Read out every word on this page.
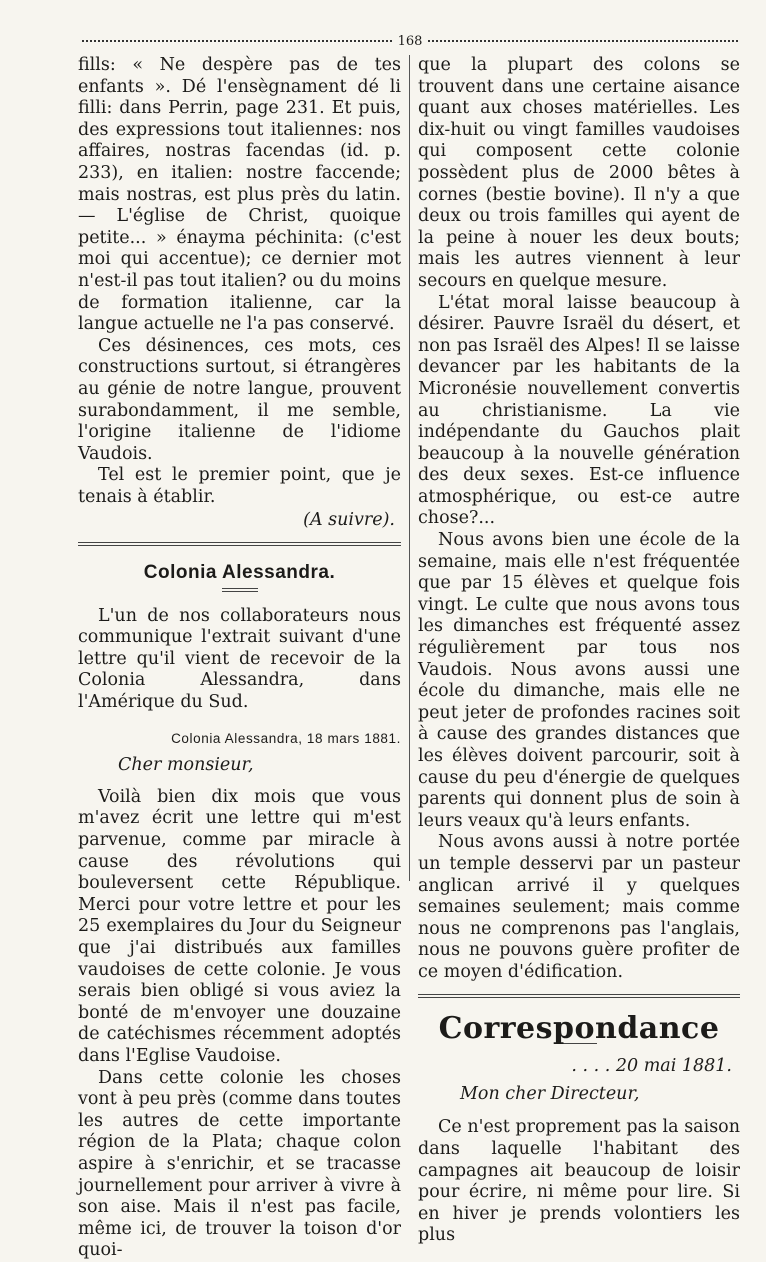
168

fills: « Ne despère pas de tes enfants ». Dé l'ensègnament dé li filli: dans Perrin, page 231. Et puis, des expressions tout italiennes: nos affaires, nostras facendas (id. p. 233), en italien: nostre faccende; mais nostras, est plus près du latin. — L'église de Christ, quoique petite... » énayma péchinita: (c'est moi qui accentue); ce dernier mot n'est-il pas tout italien? ou du moins de formation italienne, car la langue actuelle ne l'a pas conservé.

Ces désinences, ces mots, ces constructions surtout, si étrangères au génie de notre langue, prouvent surabondamment, il me semble, l'origine italienne de l'idiome Vaudois.

Tel est le premier point, que je tenais à établir.

(A suivre).

Colonia Alessandra.

L'un de nos collaborateurs nous communique l'extrait suivant d'une lettre qu'il vient de recevoir de la Colonia Alessandra, dans l'Amérique du Sud.

Colonia Alessandra, 18 mars 1881.

Cher monsieur,

Voilà bien dix mois que vous m'avez écrit une lettre qui m'est parvenue, comme par miracle à cause des révolutions qui bouleversent cette République. Merci pour votre lettre et pour les 25 exemplaires du Jour du Seigneur que j'ai distribués aux familles vaudoises de cette colonie. Je vous serais bien obligé si vous aviez la bonté de m'envoyer une douzaine de catéchismes récemment adoptés dans l'Eglise Vaudoise.

Dans cette colonie les choses vont à peu près (comme dans toutes les autres de cette importante région de la Plata; chaque colon aspire à s'enrichir, et se tracasse journellement pour arriver à vivre à son aise. Mais il n'est pas facile, même ici, de trouver la toison d'or quoi-

que la plupart des colons se trouvent dans une certaine aisance quant aux choses matérielles. Les dix-huit ou vingt familles vaudoises qui composent cette colonie possèdent plus de 2000 bêtes à cornes (bestie bovine). Il n'y a que deux ou trois familles qui ayent de la peine à nouer les deux bouts; mais les autres viennent à leur secours en quelque mesure.

L'état moral laisse beaucoup à désirer. Pauvre Israël du désert, et non pas Israël des Alpes! Il se laisse devancer par les habitants de la Micronésie nouvellement convertis au christianisme. La vie indépendante du Gauchos plait beaucoup à la nouvelle génération des deux sexes. Est-ce influence atmosphérique, ou est-ce autre chose?...

Nous avons bien une école de la semaine, mais elle n'est fréquentée que par 15 élèves et quelque fois vingt. Le culte que nous avons tous les dimanches est fréquenté assez régulièrement par tous nos Vaudois. Nous avons aussi une école du dimanche, mais elle ne peut jeter de profondes racines soit à cause des grandes distances que les élèves doivent parcourir, soit à cause du peu d'énergie de quelques parents qui donnent plus de soin à leurs veaux qu'à leurs enfants.

Nous avons aussi à notre portée un temple desservi par un pasteur anglican arrivé il y quelques semaines seulement; mais comme nous ne comprenons pas l'anglais, nous ne pouvons guère profiter de ce moyen d'édification.

Correspondance

. . . . 20 mai 1881.

Mon cher Directeur,

Ce n'est proprement pas la saison dans laquelle l'habitant des campagnes ait beaucoup de loisir pour écrire, ni même pour lire. Si en hiver je prends volontiers les plus
